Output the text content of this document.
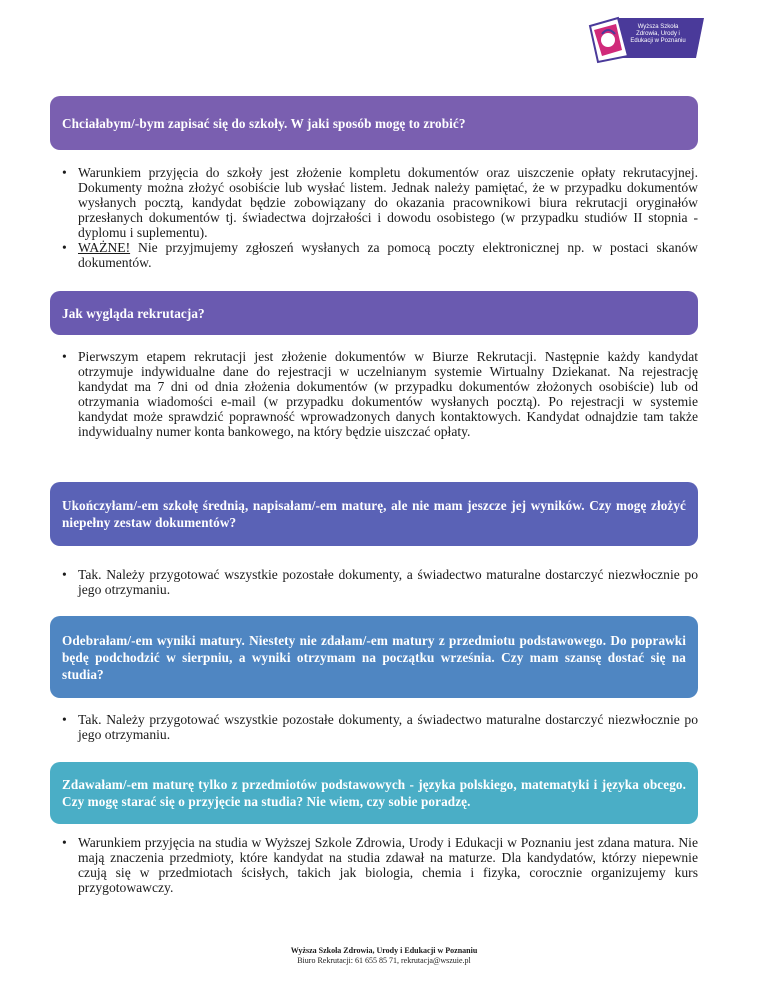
Wyższa Szkoła Zdrowia, Urody i Edukacji w Poznaniu
Chciałabym/-bym zapisać się do szkoły. W jaki sposób mogę to zrobić?
• Warunkiem przyjęcia do szkoły jest złożenie kompletu dokumentów oraz uiszczenie opłaty rekrutacyjnej. Dokumenty można złożyć osobiście lub wysłać listem. Jednak należy pamiętać, że w przypadku dokumentów wysłanych pocztą, kandydat będzie zobowiązany do okazania pracownikowi biura rekrutacji oryginałów przesłanych dokumentów tj. świadectwa dojrzałości i dowodu osobistego (w przypadku studiów II stopnia - dyplomu i suplementu).
• WAŻNE! Nie przyjmujemy zgłoszeń wysłanych za pomocą poczty elektronicznej np. w postaci skanów dokumentów.
Jak wygląda rekrutacja?
• Pierwszym etapem rekrutacji jest złożenie dokumentów w Biurze Rekrutacji. Następnie każdy kandydat otrzymuje indywidualne dane do rejestracji w uczelnianym systemie Wirtualny Dziekanat. Na rejestrację kandydat ma 7 dni od dnia złożenia dokumentów (w przypadku dokumentów złożonych osobiście) lub od otrzymania wiadomości e-mail (w przypadku dokumentów wysłanych pocztą). Po rejestracji w systemie kandydat może sprawdzić poprawność wprowadzonych danych kontaktowych. Kandydat odnajdzie tam także indywidualny numer konta bankowego, na który będzie uiszczać opłaty.
Ukończyłam/-em szkołę średnią, napisałam/-em maturę, ale nie mam jeszcze jej wyników. Czy mogę złożyć niepełny zestaw dokumentów?
• Tak. Należy przygotować wszystkie pozostałe dokumenty, a świadectwo maturalne dostarczyć niezwłocznie po jego otrzymaniu.
Odebrałam/-em wyniki matury. Niestety nie zdałam/-em matury z przedmiotu podstawowego. Do poprawki będę podchodzić w sierpniu, a wyniki otrzymam na początku września. Czy mam szansę dostać się na studia?
• Tak. Należy przygotować wszystkie pozostałe dokumenty, a świadectwo maturalne dostarczyć niezwłocznie po jego otrzymaniu.
Zdawałam/-em maturę tylko z przedmiotów podstawowych - języka polskiego, matematyki i języka obcego. Czy mogę starać się o przyjęcie na studia? Nie wiem, czy sobie poradzę.
• Warunkiem przyjęcia na studia w Wyższej Szkole Zdrowia, Urody i Edukacji w Poznaniu jest zdana matura. Nie mają znaczenia przedmioty, które kandydat na studia zdawał na maturze. Dla kandydatów, którzy niepewnie czują się w przedmiotach ścisłych, takich jak biologia, chemia i fizyka, corocznie organizujemy kurs przygotowawczy.
Wyższa Szkoła Zdrowia, Urody i Edukacji w Poznaniu
Biuro Rekrutacji: 61 655 85 71, rekrutacja@wszuie.pl
